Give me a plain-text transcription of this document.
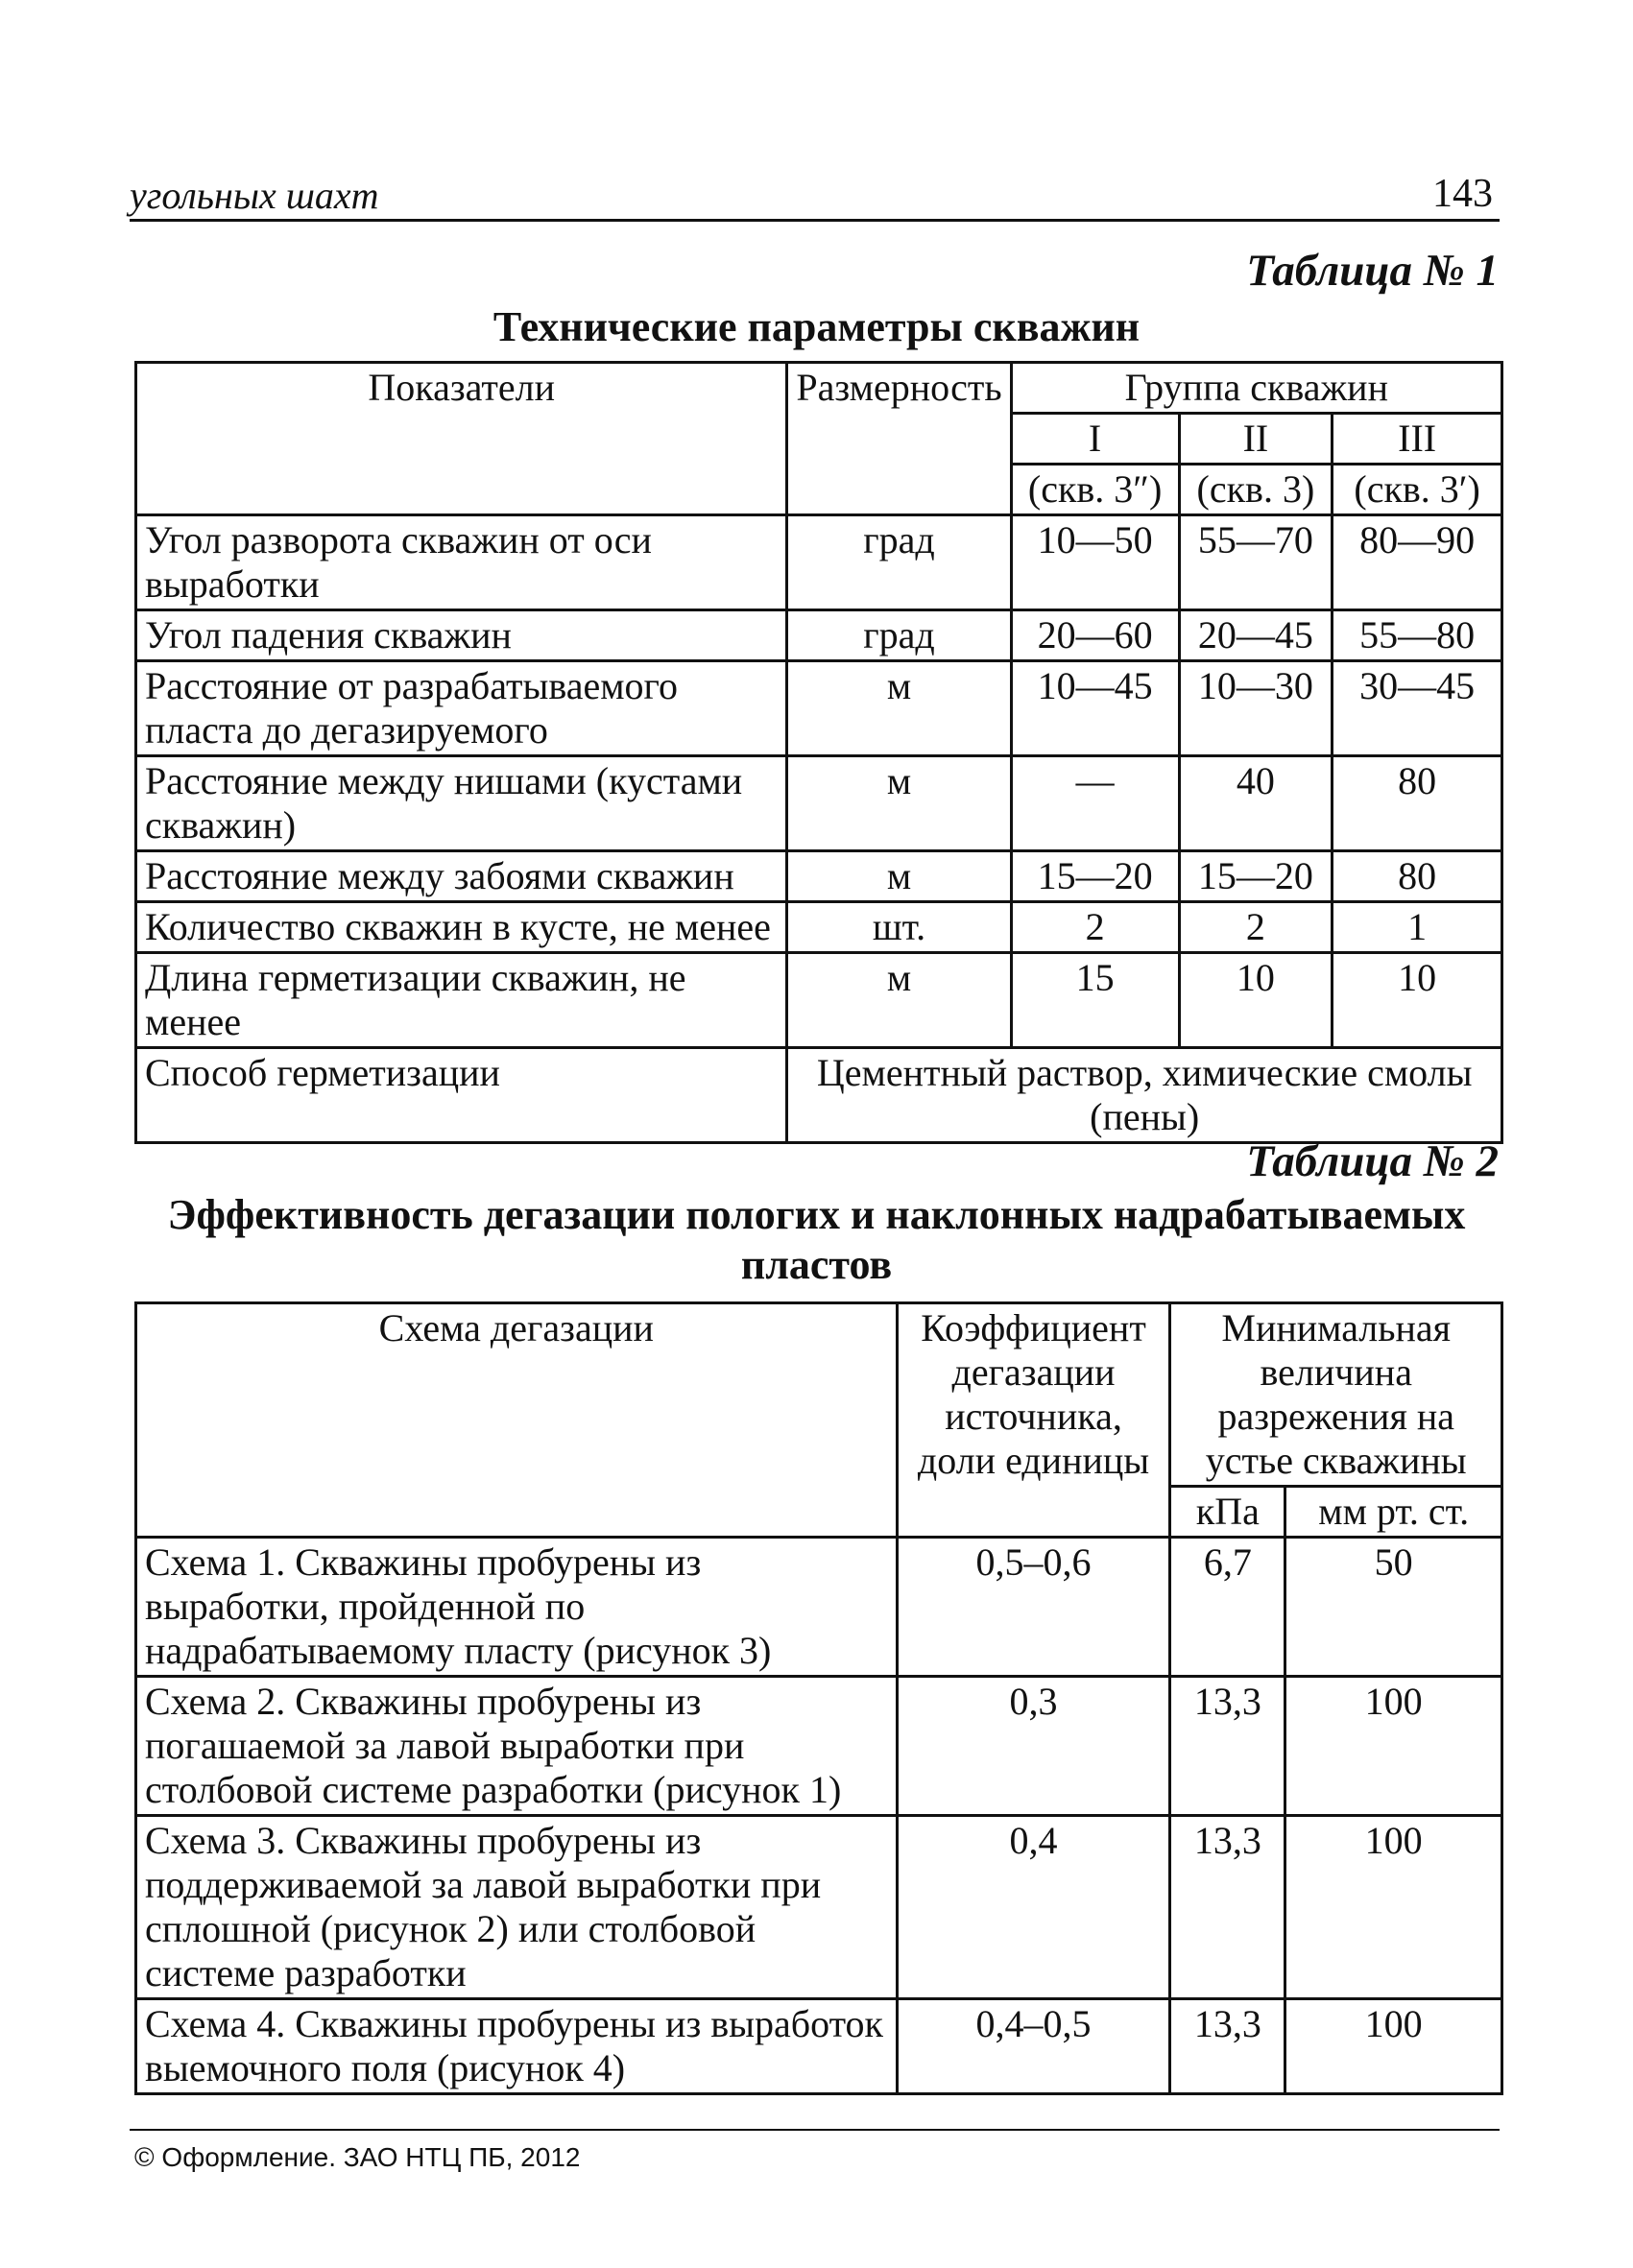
угольных шахт	143
Таблица № 1
Технические параметры скважин
Показатели	Размерность	Группа скважин		
		I	II	III
		(скв. 3″)	(скв. 3)	(скв. 3′)
Угол разворота скважин от оси выработки	град	10—50	55—70	80—90
Угол падения скважин	град	20—60	20—45	55—80
Расстояние от разрабатываемого пласта до дегазируемого	м	10—45	10—30	30—45
Расстояние между нишами (кустами скважин)	м	—	40	80
Расстояние между забоями скважин	м	15—20	15—20	80
Количество скважин в кусте, не менее	шт.	2	2	1
Длина герметизации скважин, не менее	м	15	10	10
Способ герметизации	Цементный раствор, химические смолы (пены)			
Таблица № 2
Эффективность дегазации пологих и наклонных надрабатываемых пластов
Схема дегазации	Коэффициент дегазации источника, доли единицы	Минимальная величина разрежения на устье скважины	
		кПа	мм рт. ст.
Схема 1. Скважины пробурены из выработки, пройденной по надрабатываемому пласту (рисунок 3)	0,5–0,6	6,7	50
Схема 2. Скважины пробурены из погашаемой за лавой выработки при столбовой системе разработки (рисунок 1)	0,3	13,3	100
Схема 3. Скважины пробурены из поддерживаемой за лавой выработки при сплошной (рисунок 2) или столбовой системе разработки	0,4	13,3	100
Схема 4. Скважины пробурены из выработок выемочного поля (рисунок 4)	0,4–0,5	13,3	100
© Оформление. ЗАО НТЦ ПБ, 2012
